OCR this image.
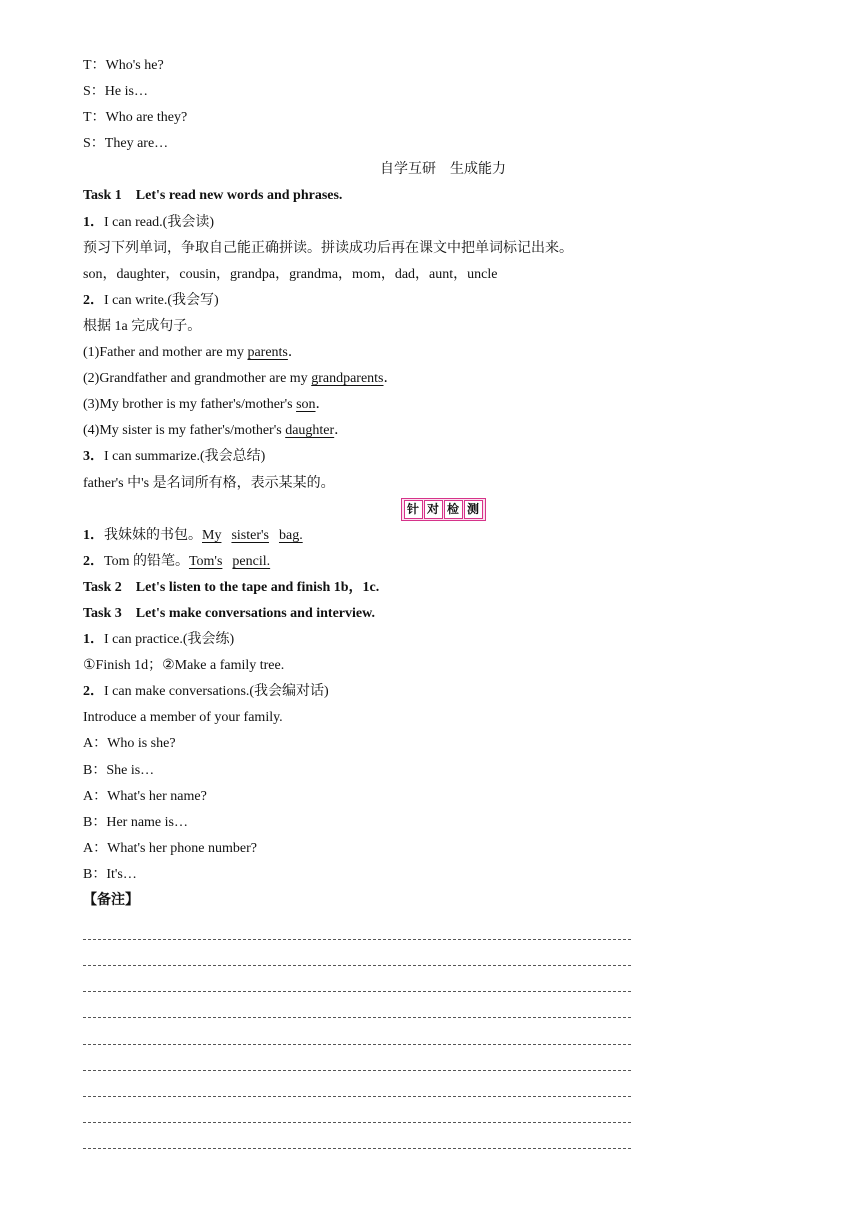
T：Who's he?
S：He is…
T：Who are they?
S：They are…
自学互研　生成能力
Task 1　Let's read new words and phrases.
1．I can read.(我会读)
预习下列单词，争取自己能正确拼读。拼读成功后再在课文中把单词标记出来。
son，daughter，cousin，grandpa，grandma，mom，dad，aunt，uncle
2．I can write.(我会写)
根据 1a 完成句子。
(1)Father and mother are my parents．
(2)Grandfather and grandmother are my grandparents．
(3)My brother is my father's/mother's son．
(4)My sister is my father's/mother's daughter．
3．I can summarize.(我会总结)
father's 中's 是名词所有格，表示某某的。
针 对 检 测
1．我妹妹的书包。My sister's bag.
2．Tom 的铅笔。Tom's pencil.
Task 2　Let's listen to the tape and finish 1b，1c.
Task 3　Let's make conversations and interview.
1．I can practice.(我会练)
①Finish 1d；②Make a family tree.
2．I can make conversations.(我会编对话)
Introduce a member of your family.
A：Who is she?
B：She is…
A：What's her name?
B：Her name is…
A：What's her phone number?
B：It's…
【备注】
